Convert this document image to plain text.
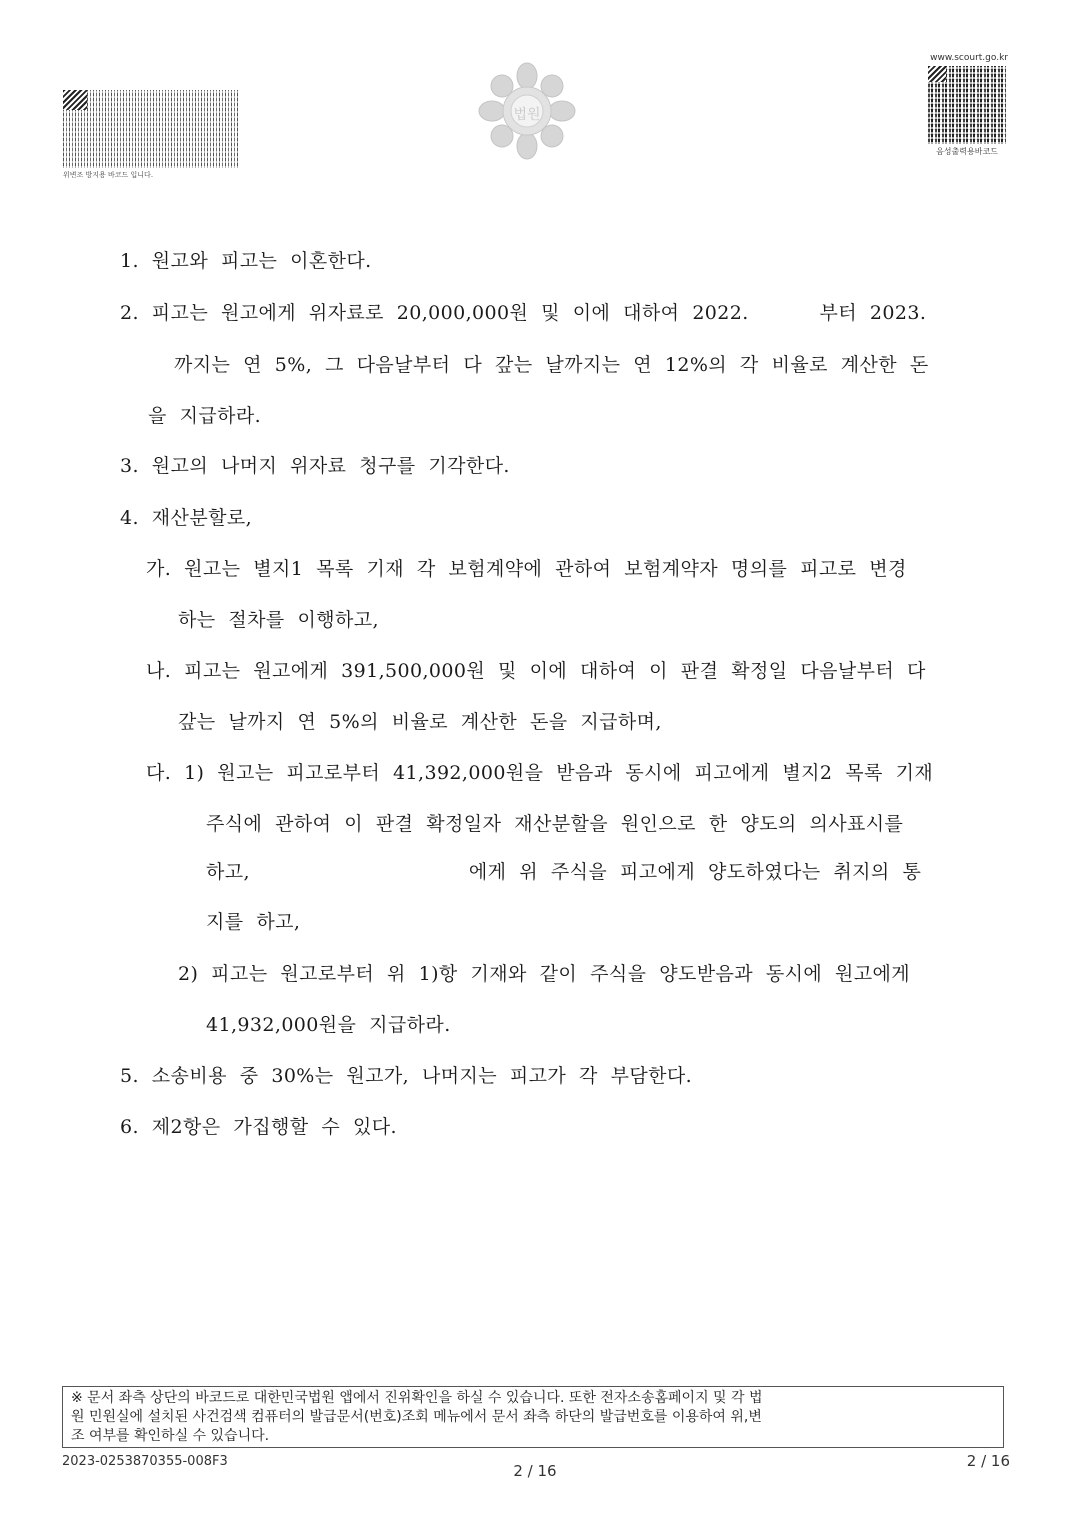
위변조 방지용 바코드 입니다.
법원
www.scourt.go.kr
음성출력용바코드
1.  원고와  피고는  이혼한다.
2.  피고는  원고에게  위자료로  20,000,000원  및  이에  대하여  2022.           부터  2023.
까지는  연  5%,  그  다음날부터  다  갚는  날까지는  연  12%의  각  비율로  계산한  돈
을  지급하라.
3.  원고의  나머지  위자료  청구를  기각한다.
4.  재산분할로,
가.  원고는  별지1  목록  기재  각  보험계약에  관하여  보험계약자  명의를  피고로  변경
하는  절차를  이행하고,
나.  피고는  원고에게  391,500,000원  및  이에  대하여  이  판결  확정일  다음날부터  다
갚는  날까지  연  5%의  비율로  계산한  돈을  지급하며,
다.  1)  원고는  피고로부터  41,392,000원을  받음과  동시에  피고에게  별지2  목록  기재
주식에  관하여  이  판결  확정일자  재산분할을  원인으로  한  양도의  의사표시를
하고,                                  에게  위  주식을  피고에게  양도하였다는  취지의  통
지를  하고,
2)  피고는  원고로부터  위  1)항  기재와  같이  주식을  양도받음과  동시에  원고에게
41,932,000원을  지급하라.
5.  소송비용  중  30%는  원고가,  나머지는  피고가  각  부담한다.
6.  제2항은  가집행할  수  있다.
※ 문서 좌측 상단의 바코드로 대한민국법원 앱에서 진위확인을 하실 수 있습니다. 또한 전자소송홈페이지 및 각 법
원 민원실에 설치된 사건검색 컴퓨터의 발급문서(번호)조회 메뉴에서 문서 좌측 하단의 발급번호를 이용하여 위,변
조 여부를 확인하실 수 있습니다.
2023-0253870355-008F3
2 / 16
2 / 16
